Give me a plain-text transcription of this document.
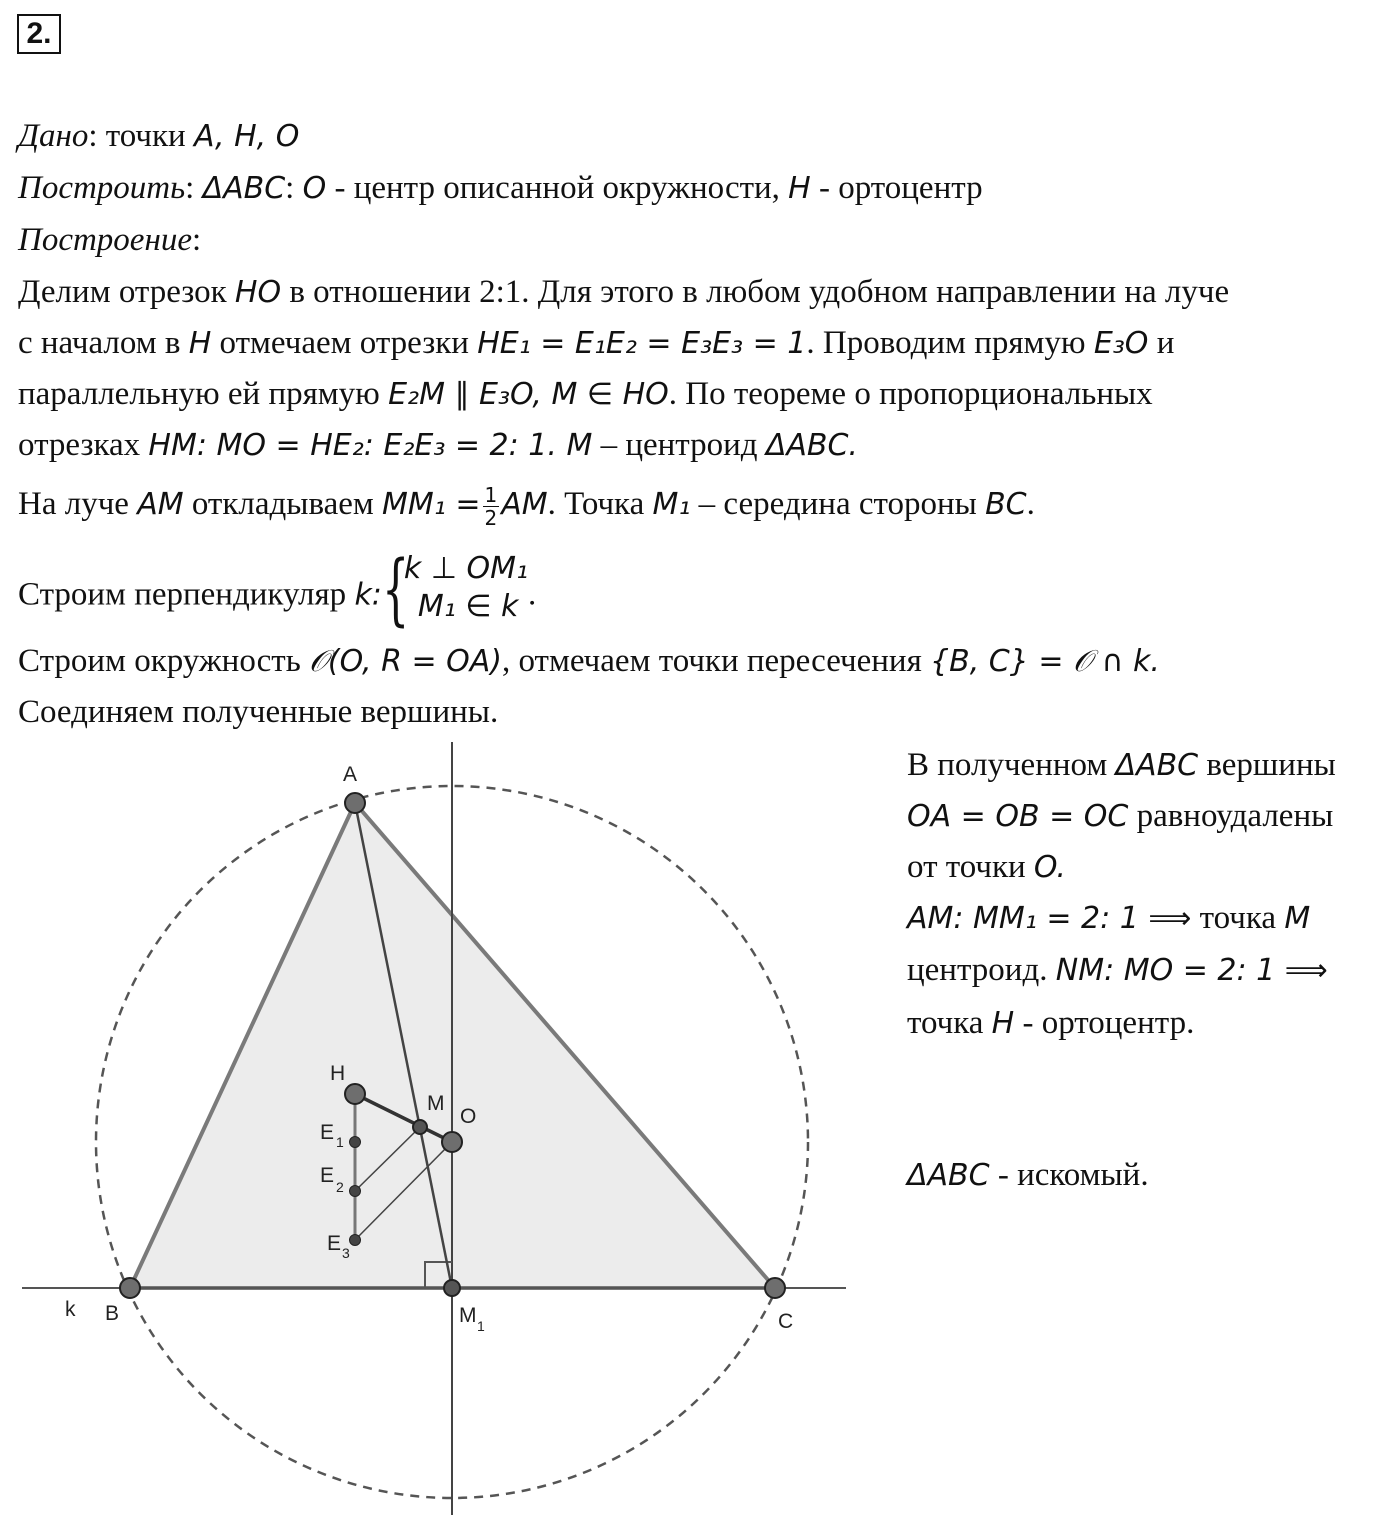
2.
Дано: точки A, H, O
Построить: ΔABC: O - центр описанной окружности, H - ортоцентр
Построение:
Делим отрезок HO в отношении 2:1. Для этого в любом удобном направлении на луче
с началом в H отмечаем отрезки HE₁ = E₁E₂ = E₃E₃ = 1. Проводим прямую E₃O и
параллельную ей прямую E₂M ∥ E₃O, M ∈ HO. По теореме о пропорциональных
отрезках HM: MO = HE₂: E₂E₃ = 2: 1. M – центроид ΔABC.
На луче AM откладываем $MM_1 = \frac{1}{2}$ AM. Точка M₁ – середина стороны BC.
Строим перпендикуляр k: {
k ⊥ OM₁
M₁ ∈ k .
Строим окружность 𝒪(O, R = OA), отмечаем точки пересечения {B, C} = 𝒪 ∩ k.
Соединяем полученные вершины.
A
B	C
H
M
O
E 1
E 2
E 3
M 1
k
В полученном ΔABC вершины
OA = OB = OC равноудалены
от точки O.
AM: MM₁ = 2: 1 ⟹ точка M
центроид. NM: MO = 2: 1 ⟹
точка H - ортоцентр.
ΔABC - искомый.
